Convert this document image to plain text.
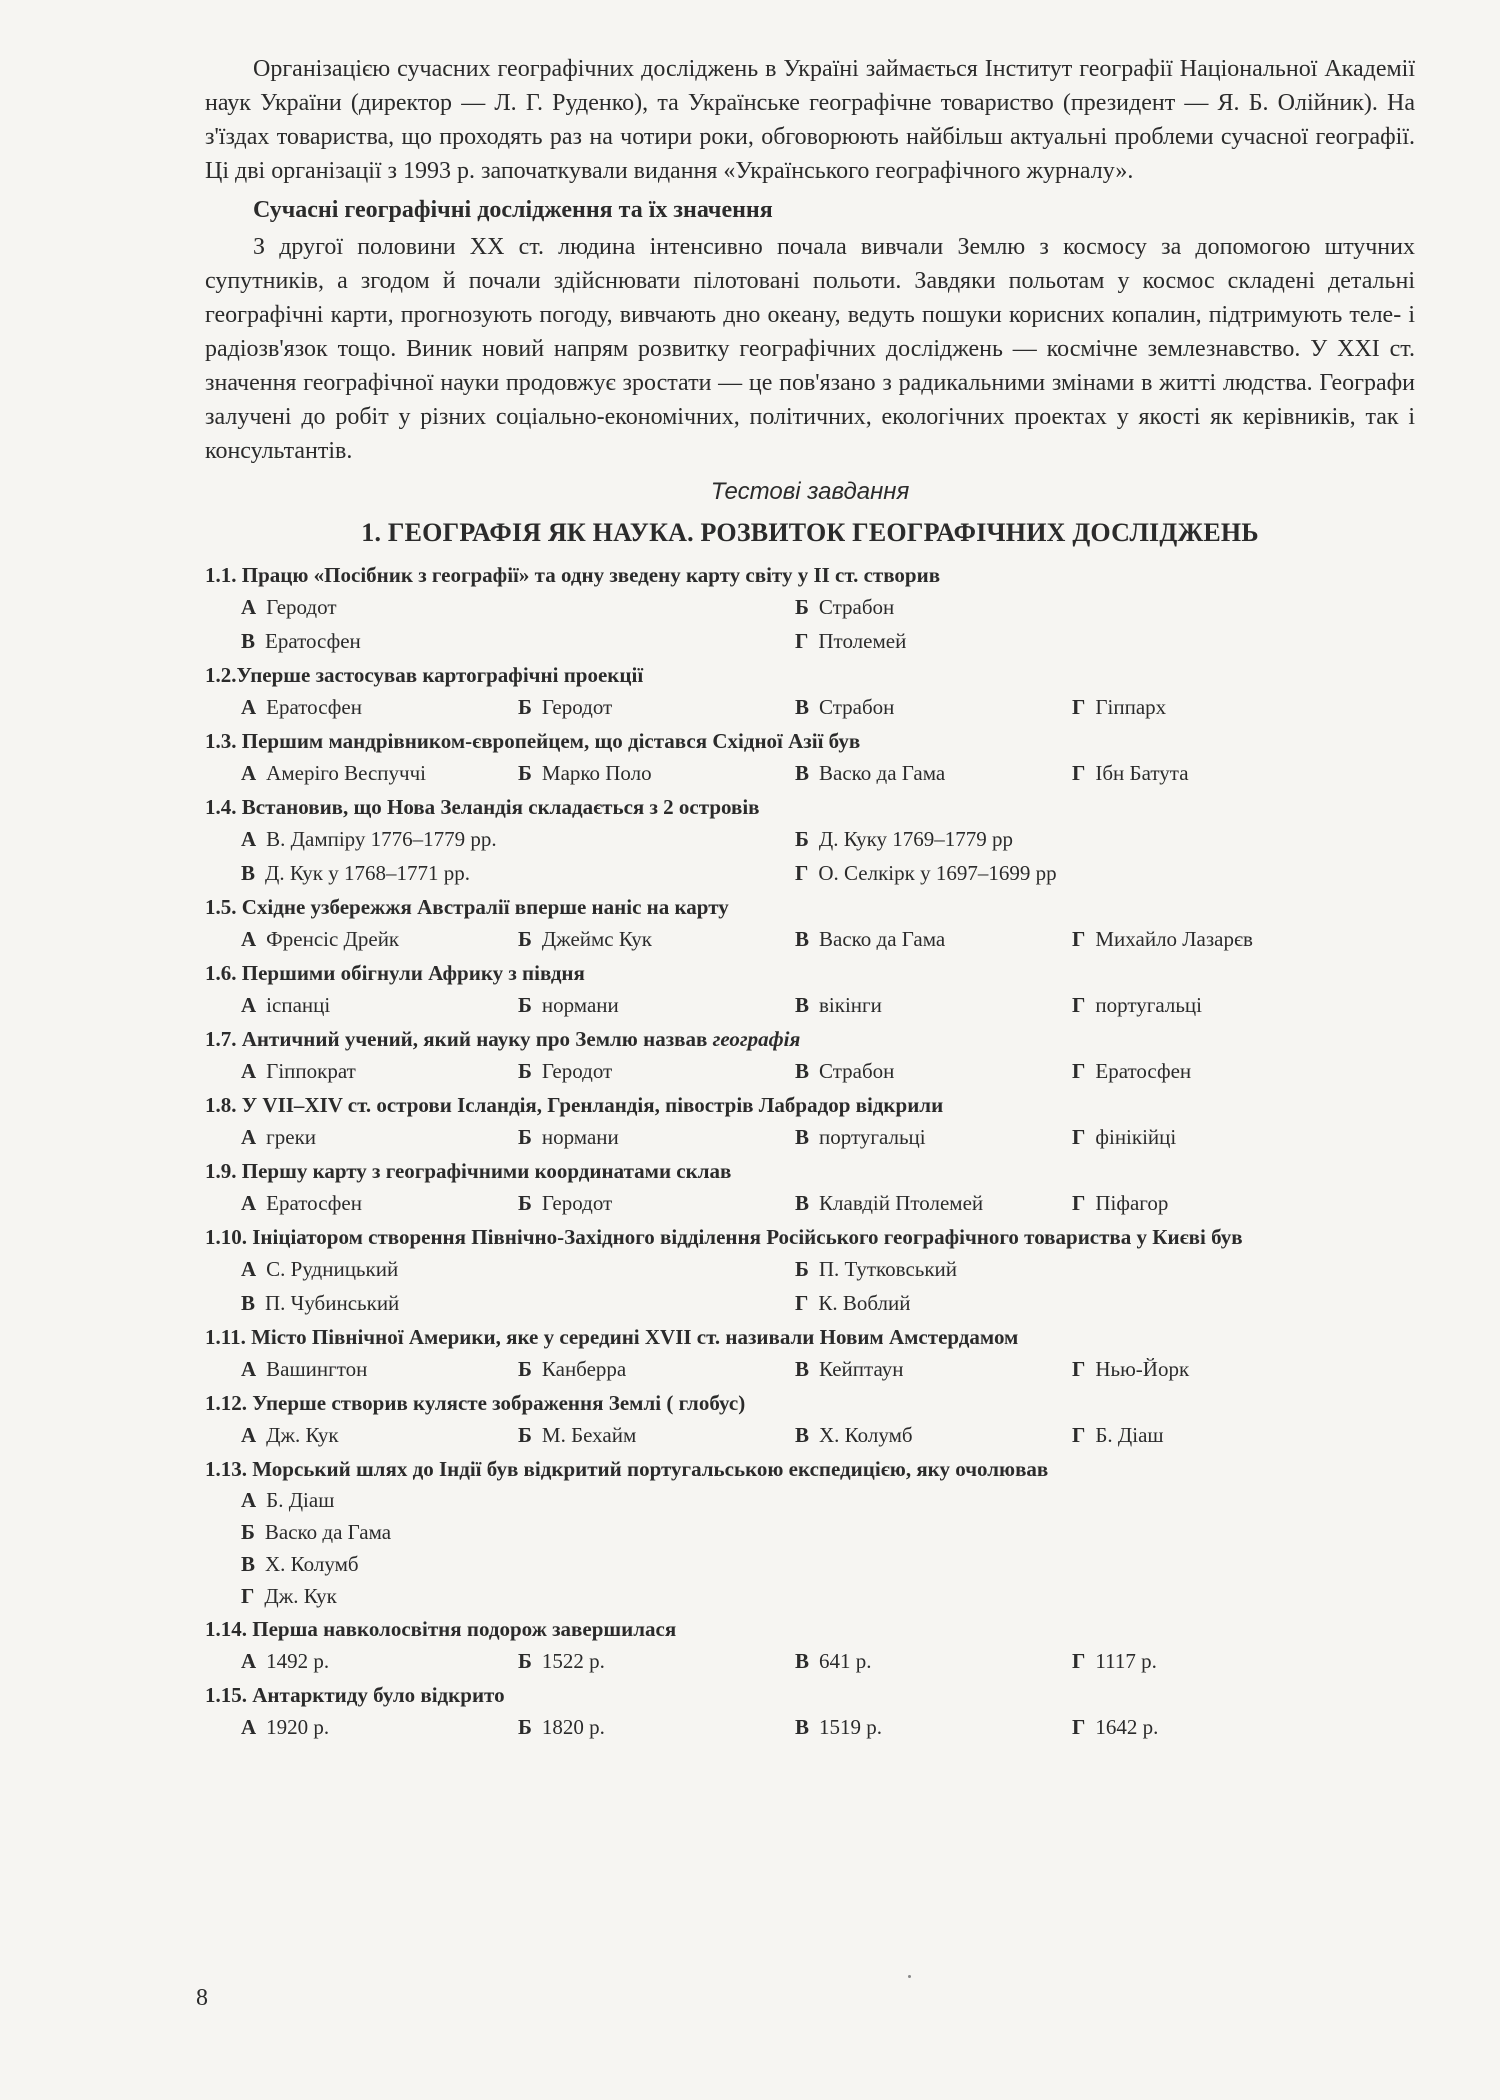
Організацією сучасних географічних досліджень в Україні займається Інститут географії Національної Академії наук України (директор — Л. Г. Руденко), та Українське географічне товариство (президент — Я. Б. Олійник). На з'їздах товариства, що проходять раз на чотири роки, обговорюють найбільш актуальні проблеми сучасної географії. Ці дві організації з 1993 р. започаткували видання «Українського географічного журналу».

Сучасні географічні дослідження та їх значення

З другої половини XX ст. людина інтенсивно почала вивчали Землю з космосу за допомогою штучних супутників, а згодом й почали здійснювати пілотовані польоти. Завдяки польотам у космос складені детальні географічні карти, прогнозують погоду, вивчають дно океану, ведуть пошуки корисних копалин, підтримують теле- і радіозв'язок тощо. Виник новий напрям розвитку географічних досліджень — космічне землезнавство. У XXI ст. значення географічної науки продовжує зростати — це пов'язано з радикальними змінами в житті людства. Географи залучені до робіт у різних соціально-економічних, політичних, екологічних проектах у якості як керівників, так і консультантів.

Тестові завдання
1. ГЕОГРАФІЯ ЯК НАУКА. РОЗВИТОК ГЕОГРАФІЧНИХ ДОСЛІДЖЕНЬ
1.1. Працю «Посібник з географії» та одну зведену карту світу у II ст. створив
А Геродот	Б Страбон
В Ератосфен	Г Птолемей
1.2.Уперше застосував картографічні проекції
А Ератосфен	Б Геродот	В Страбон	Г Гіппарх
1.3. Першим мандрівником-європейцем, що дістався Східної Азії був
А Амеріго Веспуччі	Б Марко Поло	В Васко да Гама	Г Ібн Батута
1.4. Встановив, що Нова Зеландія складається з 2 островів
А В. Дампіру 1776–1779 рр.	Б Д. Куку 1769–1779 рр
В Д. Кук у 1768–1771 рр.	Г О. Селкірк у 1697–1699 рр
1.5. Східне узбережжя Австралії вперше наніс на карту
А Френсіс Дрейк	Б Джеймс Кук	В Васко да Гама	Г Михайло Лазарєв
1.6. Першими обігнули Африку з півдня
А іспанці	Б нормани	В вікінги	Г португальці
1.7. Античний учений, який науку про Землю назвав географія
А Гіппократ	Б Геродот	В Страбон	Г Ератосфен
1.8. У VII–XIV ст. острови Ісландія, Гренландія, півострів Лабрадор відкрили
А греки	Б нормани	В португальці	Г фінікійці
1.9. Першу карту з географічними координатами склав
А Ератосфен	Б Геродот	В Клавдій Птолемей	Г Піфагор
1.10. Ініціатором створення Північно-Західного відділення Російського географічного товариства у Києві був
А С. Рудницький	Б П. Тутковський
В П. Чубинський	Г К. Воблий
1.11. Місто Північної Америки, яке у середині XVII ст. називали Новим Амстердамом
А Вашингтон	Б Канберра	В Кейптаун	Г Нью-Йорк
1.12. Уперше створив кулясте зображення Землі ( глобус)
А Дж. Кук	Б М. Бехайм	В Х. Колумб	Г Б. Діаш
1.13. Морський шлях до Індії був відкритий португальською експедицією, яку очолював
А Б. Діаш
Б Васко да Гама
В Х. Колумб
Г Дж. Кук
1.14. Перша навколосвітня подорож завершилася
А 1492 р.	Б 1522 р.	В 641 р.	Г 1117 р.
1.15. Антарктиду було відкрито
А 1920 р.	Б 1820 р.	В 1519 р.	Г 1642 р.
8
